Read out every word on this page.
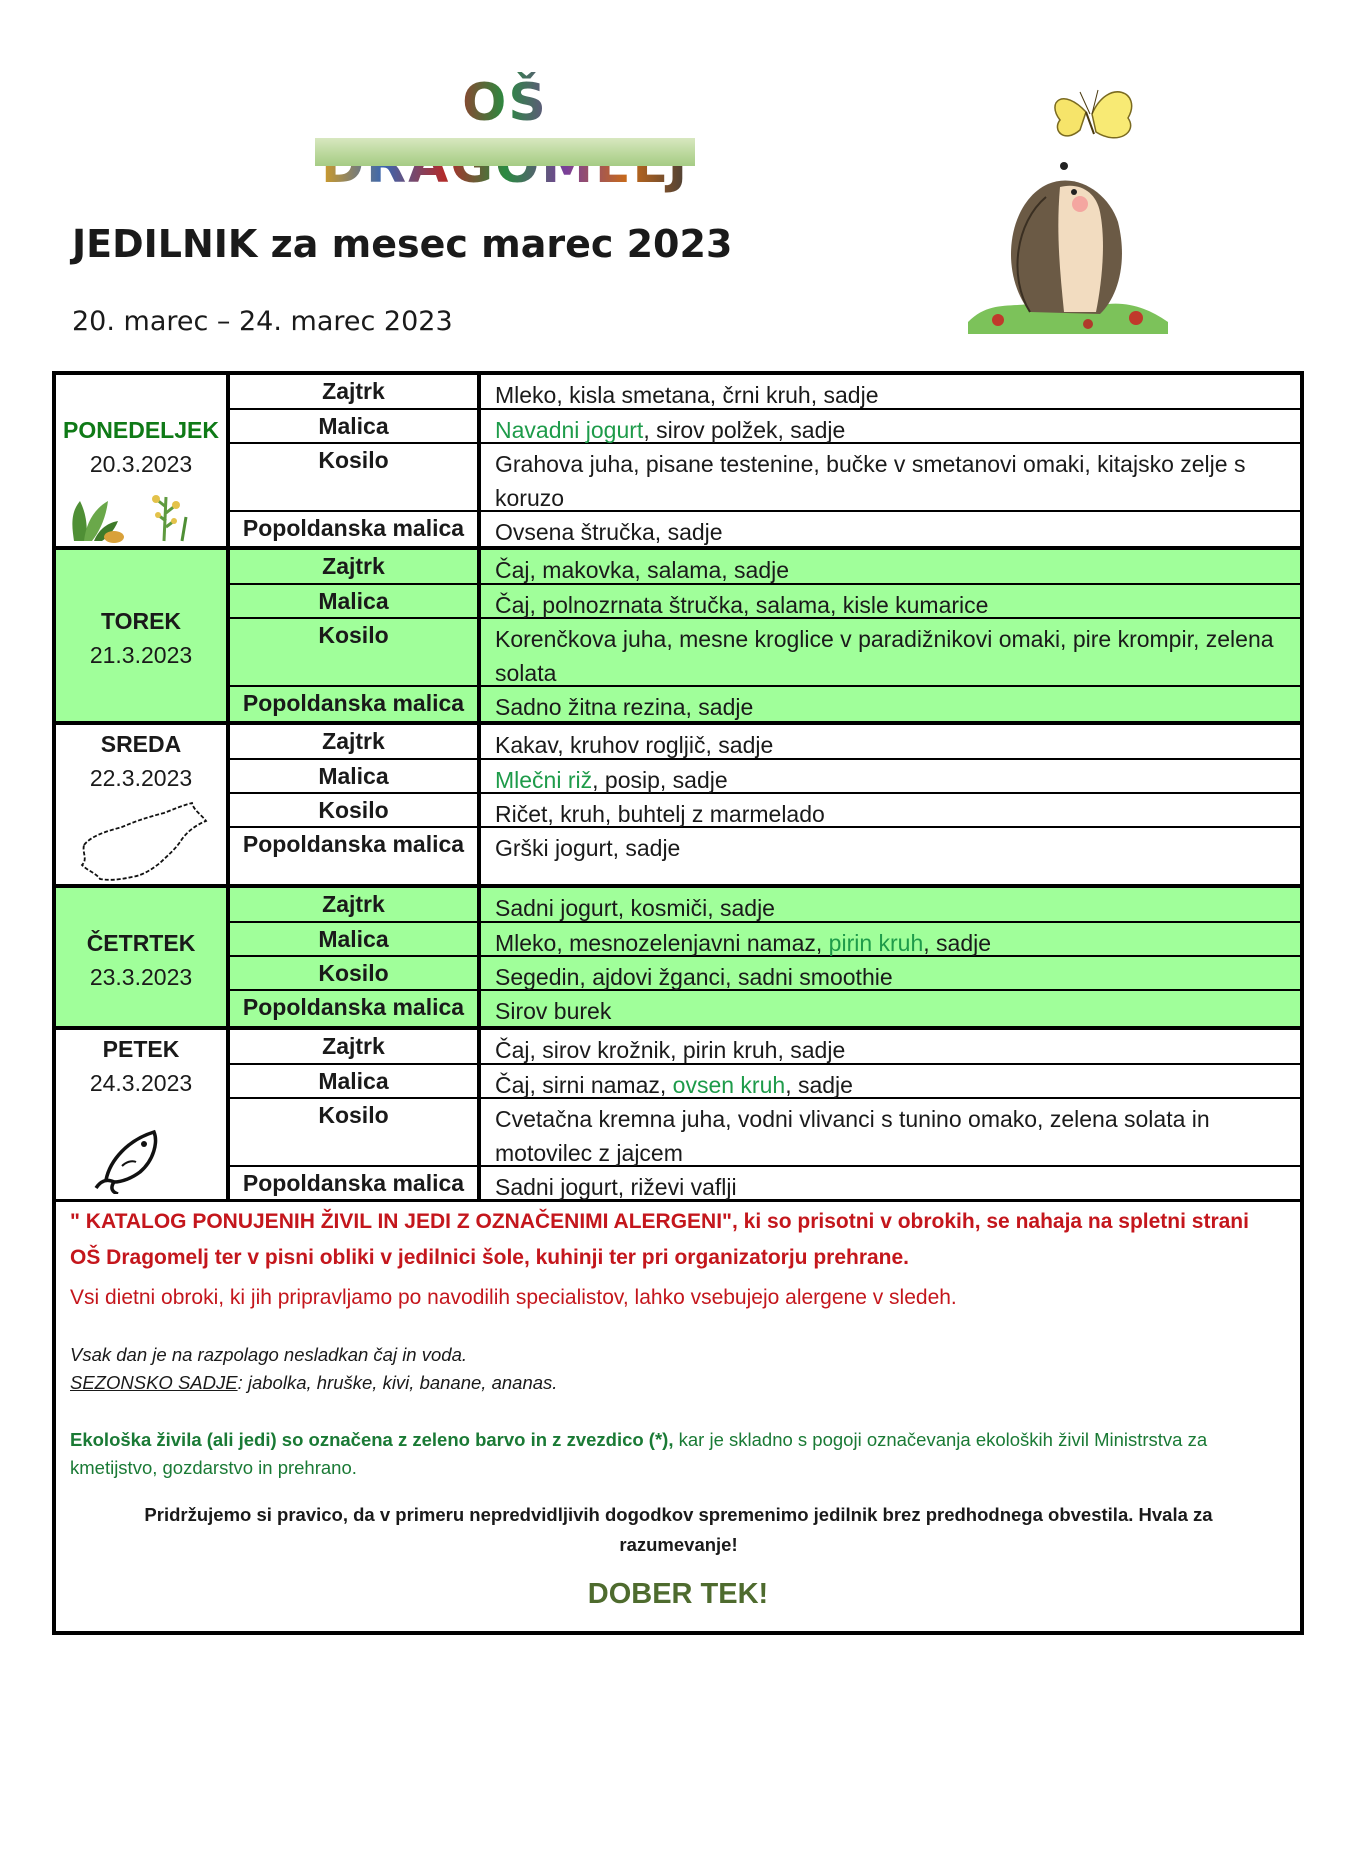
OŠ
JEDILNIK za mesec marec 2023
20. marec – 24. marec 2023
PONEDELJEK
20.3.2023
Zajtrk	Mleko, kisla smetana, črni kruh, sadje
Malica	Navadni jogurt, sirov polžek, sadje
Kosilo	Grahova juha, pisane testenine, bučke v smetanovi omaki, kitajsko zelje s koruzo
Popoldanska malica	Ovsena štručka, sadje
TOREK
21.3.2023
Zajtrk	Čaj, makovka, salama, sadje
Malica	Čaj, polnozrnata štručka, salama, kisle kumarice
Kosilo	Korenčkova juha, mesne kroglice v paradižnikovi omaki, pire krompir, zelena solata
Popoldanska malica	Sadno žitna rezina, sadje
SREDA
22.3.2023
Zajtrk	Kakav, kruhov rogljič, sadje
Malica	Mlečni riž, posip, sadje
Kosilo	Ričet, kruh, buhtelj z marmelado
Popoldanska malica	Grški jogurt, sadje
ČETRTEK
23.3.2023
Zajtrk	Sadni jogurt, kosmiči, sadje
Malica	Mleko, mesnozelenjavni namaz, pirin kruh, sadje
Kosilo	Segedin, ajdovi žganci, sadni smoothie
Popoldanska malica	Sirov burek
PETEK
24.3.2023
Zajtrk	Čaj, sirov krožnik, pirin kruh, sadje
Malica	Čaj, sirni namaz, ovsen kruh, sadje
Kosilo	Cvetačna kremna juha, vodni vlivanci s tunino omako, zelena solata in motovilec z jajcem
Popoldanska malica	Sadni jogurt, riževi vaflji
" KATALOG PONUJENIH ŽIVIL IN JEDI Z OZNAČENIMI ALERGENI", ki so prisotni v obrokih, se nahaja na spletni strani OŠ Dragomelj ter v pisni obliki v jedilnici šole, kuhinji ter pri organizatorju prehrane.
Vsi dietni obroki, ki jih pripravljamo po navodilih specialistov, lahko vsebujejo alergene v sledeh.
Vsak dan je na razpolago nesladkan čaj in voda.
SEZONSKO SADJE: jabolka, hruške, kivi, banane, ananas.
Ekološka živila (ali jedi) so označena z zeleno barvo in z zvezdico (*), kar je skladno s pogoji označevanja ekoloških živil Ministrstva za kmetijstvo, gozdarstvo in prehrano.
Pridržujemo si pravico, da v primeru nepredvidljivih dogodkov spremenimo jedilnik brez predhodnega obvestila. Hvala za razumevanje!
DOBER TEK!
